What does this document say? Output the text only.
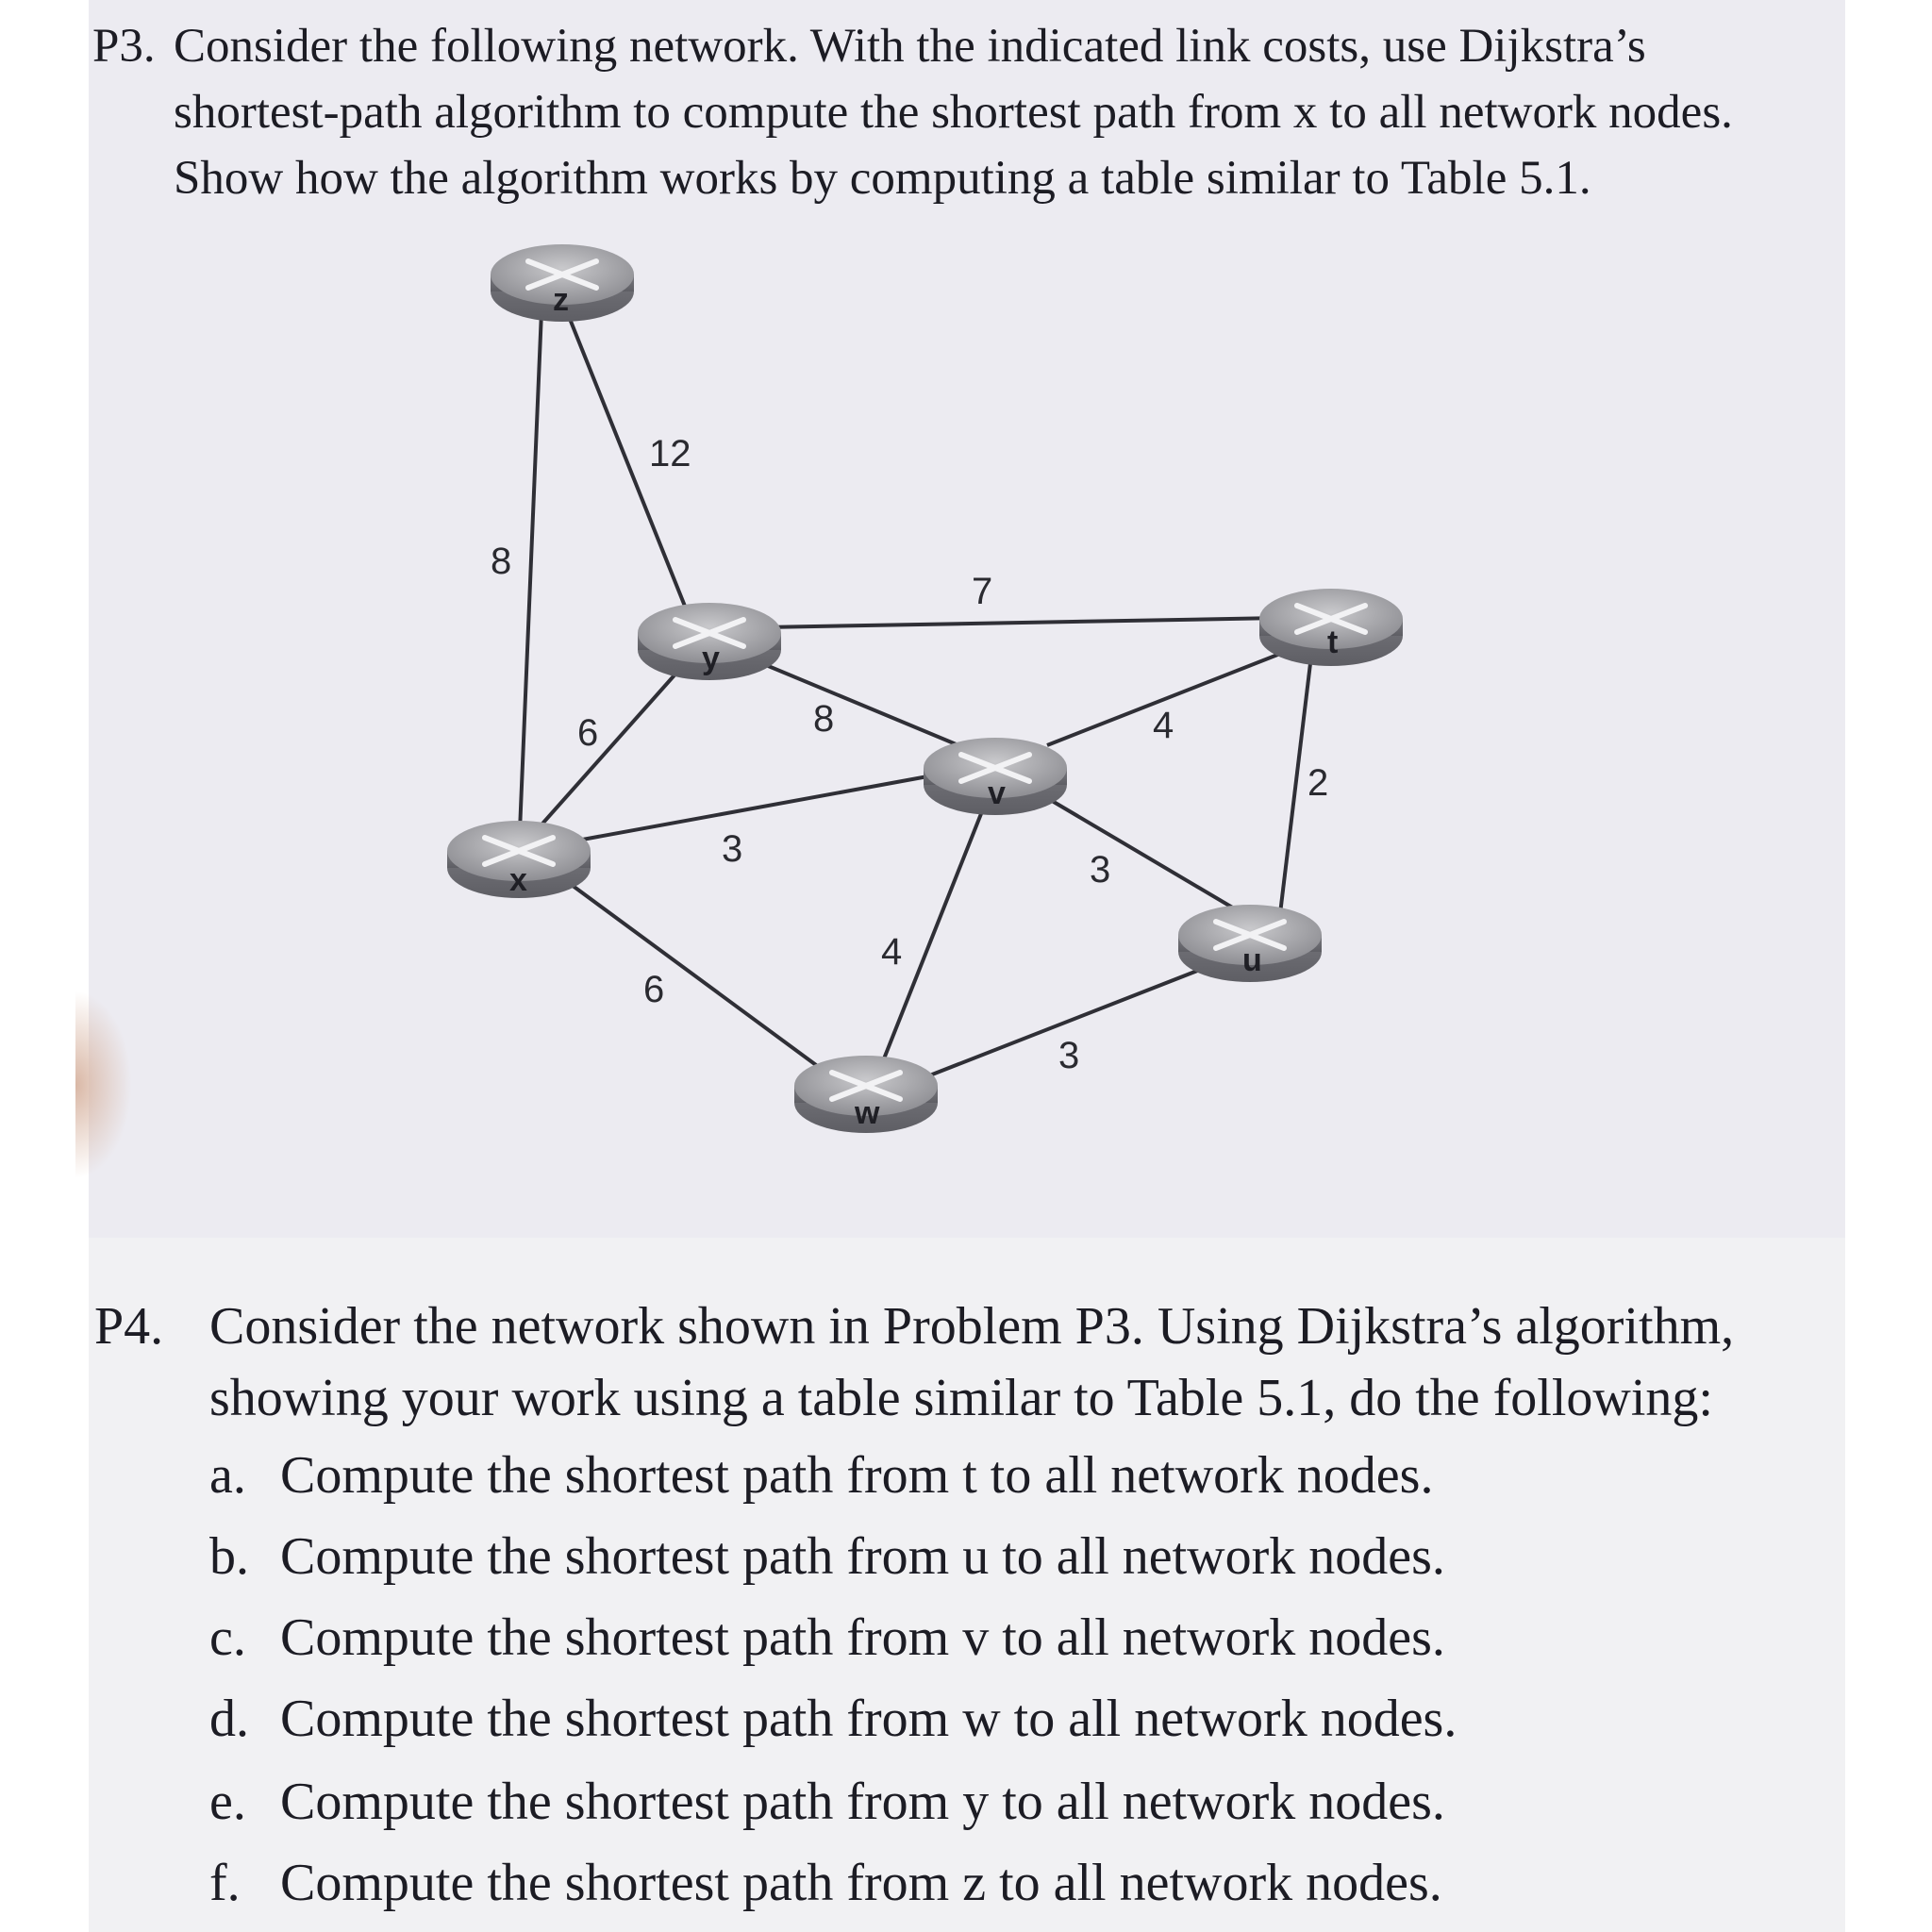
P3. Consider the following network. With the indicated link costs, use Dijkstra’s
shortest-path algorithm to compute the shortest path from x to all network nodes.
Show how the algorithm works by computing a table similar to Table 5.1.
8
12
7
6	8	4
2
3
6
3
4
3
z
y	t
x
v
u
w
P4. Consider the network shown in Problem P3. Using Dijkstra’s algorithm,
showing your work using a table similar to Table 5.1, do the following:
a. Compute the shortest path from t to all network nodes.
b. Compute the shortest path from u to all network nodes.
c. Compute the shortest path from v to all network nodes.
d. Compute the shortest path from w to all network nodes.
e. Compute the shortest path from y to all network nodes.
f. Compute the shortest path from z to all network nodes.
